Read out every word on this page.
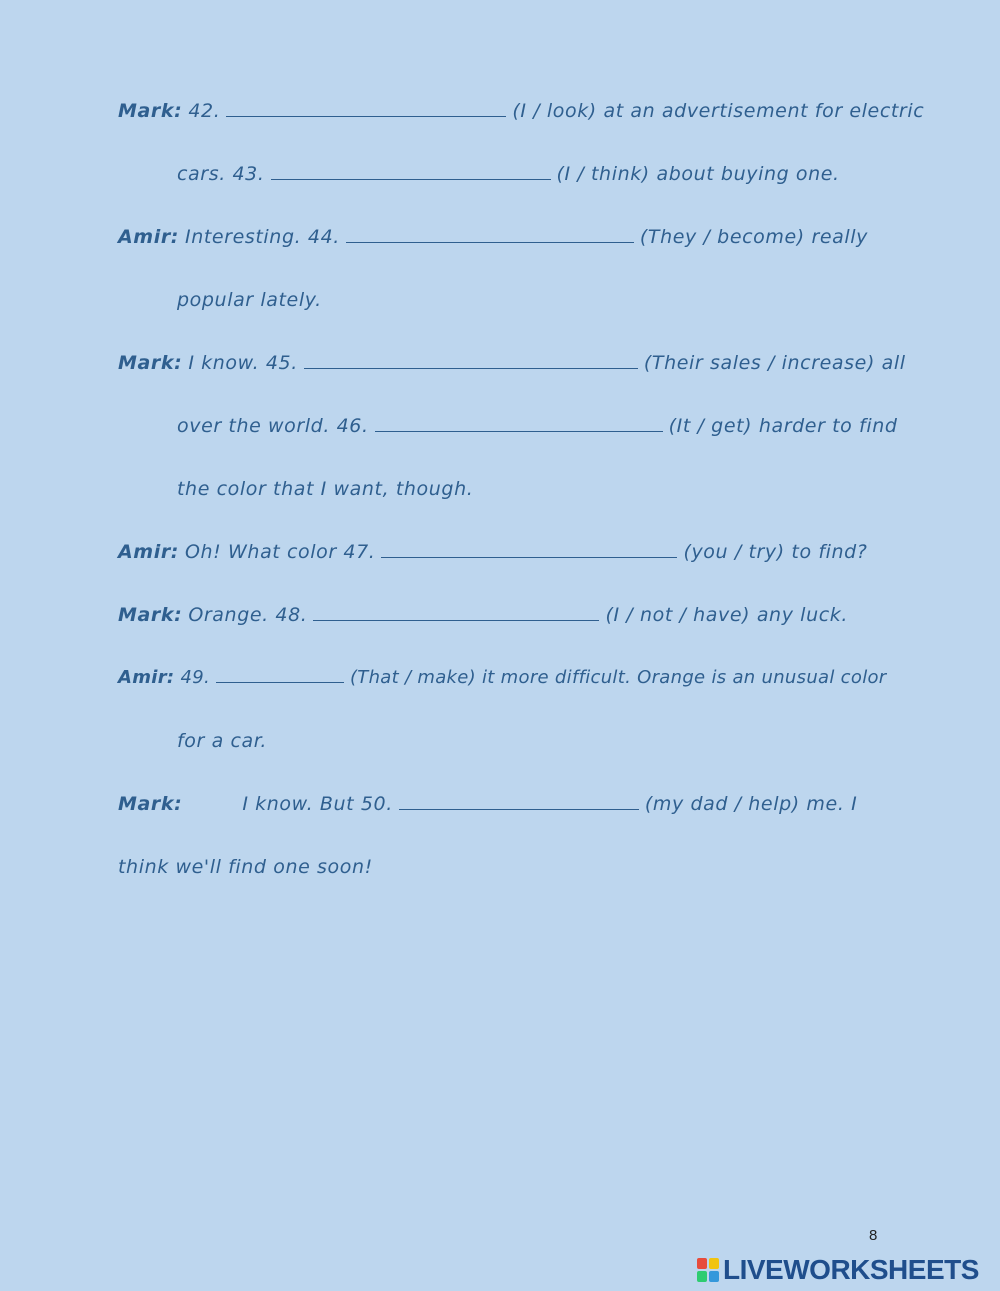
Mark: 42.	(I / look) at an advertisement for electric
cars. 43.	(I / think) about buying one.
Amir: Interesting. 44.	(They / become) really
popular lately.
Mark: I know. 45.	(Their sales / increase) all
over the world. 46.	(It / get) harder to find
the color that I want, though.
Amir: Oh! What color 47.	(you / try) to find?
Mark: Orange. 48.	(I / not / have) any luck.
Amir: 49.	(That / make) it more difficult. Orange is an unusual color
for a car.
Mark:	I know. But 50.	(my dad / help) me. I
think we'll find one soon!
8
LIVEWORKSHEETS
